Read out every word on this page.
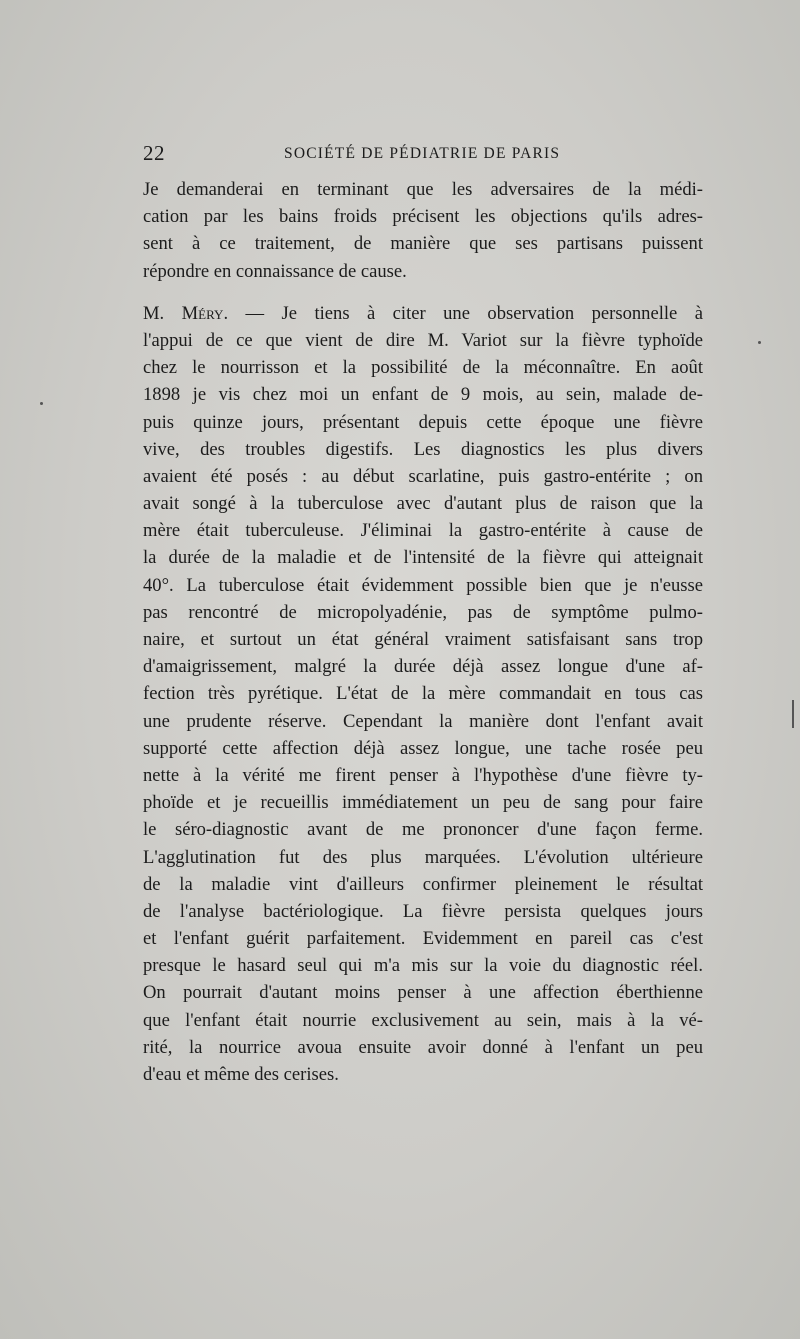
22	SOCIÉTÉ DE PÉDIATRIE DE PARIS
Je demanderai en terminant que les adversaires de la médi-
cation par les bains froids précisent les objections qu'ils adres-
sent à ce traitement, de manière que ses partisans puissent
répondre en connaissance de cause.
M. Méry. — Je tiens à citer une observation personnelle à
l'appui de ce que vient de dire M. Variot sur la fièvre typhoïde
chez le nourrisson et la possibilité de la méconnaître. En août
1898 je vis chez moi un enfant de 9 mois, au sein, malade de-
puis quinze jours, présentant depuis cette époque une fièvre
vive, des troubles digestifs. Les diagnostics les plus divers
avaient été posés : au début scarlatine, puis gastro-entérite ; on
avait songé à la tuberculose avec d'autant plus de raison que la
mère était tuberculeuse. J'éliminai la gastro-entérite à cause de
la durée de la maladie et de l'intensité de la fièvre qui atteignait
40°. La tuberculose était évidemment possible bien que je n'eusse
pas rencontré de micropolyadénie, pas de symptôme pulmo-
naire, et surtout un état général vraiment satisfaisant sans trop
d'amaigrissement, malgré la durée déjà assez longue d'une af-
fection très pyrétique. L'état de la mère commandait en tous cas
une prudente réserve. Cependant la manière dont l'enfant avait
supporté cette affection déjà assez longue, une tache rosée peu
nette à la vérité me firent penser à l'hypothèse d'une fièvre ty-
phoïde et je recueillis immédiatement un peu de sang pour faire
le séro-diagnostic avant de me prononcer d'une façon ferme.
L'agglutination fut des plus marquées. L'évolution ultérieure
de la maladie vint d'ailleurs confirmer pleinement le résultat
de l'analyse bactériologique. La fièvre persista quelques jours
et l'enfant guérit parfaitement. Evidemment en pareil cas c'est
presque le hasard seul qui m'a mis sur la voie du diagnostic réel.
On pourrait d'autant moins penser à une affection éberthienne
que l'enfant était nourrie exclusivement au sein, mais à la vé-
rité, la nourrice avoua ensuite avoir donné à l'enfant un peu
d'eau et même des cerises.
